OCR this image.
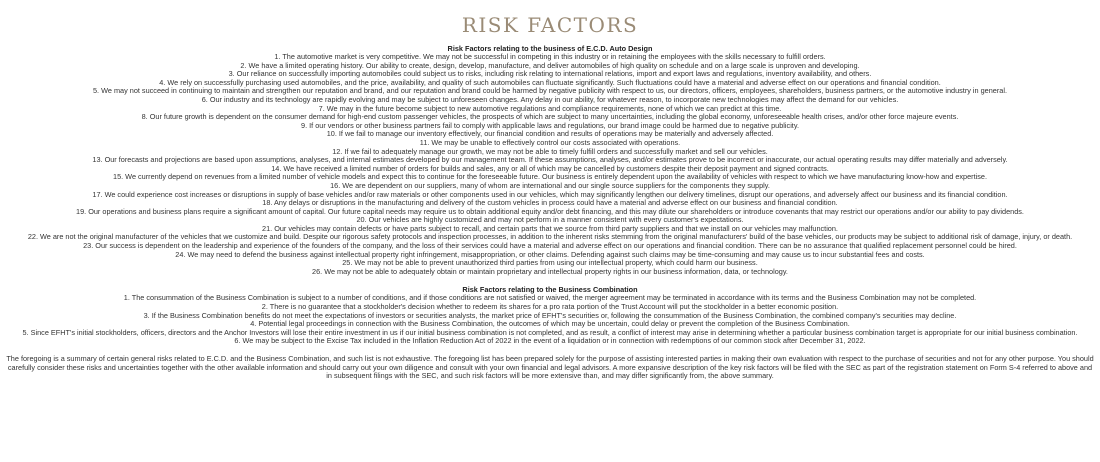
RISK FACTORS

Risk Factors relating to the business of E.C.D. Auto Design

1. The automotive market is very competitive. We may not be successful in competing in this industry or in retaining the employees with the skills necessary to fulfill orders.

2. We have a limited operating history. Our ability to create, design, develop, manufacture, and deliver automobiles of high quality on schedule and on a large scale is unproven and developing.

3. Our reliance on successfully importing automobiles could subject us to risks, including risk relating to international relations, import and export laws and regulations, inventory availability, and others.

4. We rely on successfully purchasing used automobiles, and the price, availability, and quality of such automobiles can fluctuate significantly. Such fluctuations could have a material and adverse effect on our operations and financial condition.

5. We may not succeed in continuing to maintain and strengthen our reputation and brand, and our reputation and brand could be harmed by negative publicity with respect to us, our directors, officers, employees, shareholders, business partners, or the automotive industry in general.

6. Our industry and its technology are rapidly evolving and may be subject to unforeseen changes. Any delay in our ability, for whatever reason, to incorporate new technologies may affect the demand for our vehicles.

7. We may in the future become subject to new automotive regulations and compliance requirements, none of which we can predict at this time.

8. Our future growth is dependent on the consumer demand for high-end custom passenger vehicles, the prospects of which are subject to many uncertainties, including the global economy, unforeseeable health crises, and/or other force majeure events.

9. If our vendors or other business partners fail to comply with applicable laws and regulations, our brand image could be harmed due to negative publicity.

10. If we fail to manage our inventory effectively, our financial condition and results of operations may be materially and adversely affected.

11. We may be unable to effectively control our costs associated with operations.

12. If we fail to adequately manage our growth, we may not be able to timely fulfill orders and successfully market and sell our vehicles.

13. Our forecasts and projections are based upon assumptions, analyses, and internal estimates developed by our management team. If these assumptions, analyses, and/or estimates prove to be incorrect or inaccurate, our actual operating results may differ materially and adversely.

14. We have received a limited number of orders for builds and sales, any or all of which may be cancelled by customers despite their deposit payment and signed contracts.

15. We currently depend on revenues from a limited number of vehicle models and expect this to continue for the foreseeable future. Our business is entirely dependent upon the availability of vehicles with respect to which we have manufacturing know-how and expertise.

16. We are dependent on our suppliers, many of whom are international and our single source suppliers for the components they supply.

17. We could experience cost increases or disruptions in supply of base vehicles and/or raw materials or other components used in our vehicles, which may significantly lengthen our delivery timelines, disrupt our operations, and adversely affect our business and its financial condition.

18. Any delays or disruptions in the manufacturing and delivery of the custom vehicles in process could have a material and adverse effect on our business and financial condition.

19. Our operations and business plans require a significant amount of capital. Our future capital needs may require us to obtain additional equity and/or debt financing, and this may dilute our shareholders or introduce covenants that may restrict our operations and/or our ability to pay dividends.

20. Our vehicles are highly customized and may not perform in a manner consistent with every customer's expectations.

21. Our vehicles may contain defects or have parts subject to recall, and certain parts that we source from third party suppliers and that we install on our vehicles may malfunction.

22. We are not the original manufacturer of the vehicles that we customize and build. Despite our rigorous safety protocols and inspection processes, in addition to the inherent risks stemming from the original manufacturers' build of the base vehicles, our products may be subject to additional risk of damage, injury, or death.

23. Our success is dependent on the leadership and experience of the founders of the company, and the loss of their services could have a material and adverse effect on our operations and financial condition. There can be no assurance that qualified replacement personnel could be hired.

24. We may need to defend the business against intellectual property right infringement, misappropriation, or other claims. Defending against such claims may be time-consuming and may cause us to incur substantial fees and costs.

25. We may not be able to prevent unauthorized third parties from using our intellectual property, which could harm our business.

26. We may not be able to adequately obtain or maintain proprietary and intellectual property rights in our business information, data, or technology.

Risk Factors relating to the Business Combination

1. The consummation of the Business Combination is subject to a number of conditions, and if those conditions are not satisfied or waived, the merger agreement may be terminated in accordance with its terms and the Business Combination may not be completed.

2. There is no guarantee that a stockholder's decision whether to redeem its shares for a pro rata portion of the Trust Account will put the stockholder in a better economic position.

3. If the Business Combination benefits do not meet the expectations of investors or securities analysts, the market price of EFHT's securities or, following the consummation of the Business Combination, the combined company's securities may decline.

4. Potential legal proceedings in connection with the Business Combination, the outcomes of which may be uncertain, could delay or prevent the completion of the Business Combination.

5. Since EFHT's initial stockholders, officers, directors and the Anchor Investors will lose their entire investment in us if our initial business combination is not completed, and as result, a conflict of interest may arise in determining whether a particular business combination target is appropriate for our initial business combination.

6. We may be subject to the Excise Tax included in the Inflation Reduction Act of 2022 in the event of a liquidation or in connection with redemptions of our common stock after December 31, 2022.

The foregoing is a summary of certain general risks related to E.C.D. and the Business Combination, and such list is not exhaustive. The foregoing list has been prepared solely for the purpose of assisting interested parties in making their own evaluation with respect to the purchase of securities and not for any other purpose. You should carefully consider these risks and uncertainties together with the other available information and should carry out your own diligence and consult with your own financial and legal advisors. A more expansive description of the key risk factors will be filed with the SEC as part of the registration statement on Form S-4 referred to above and in subsequent filings with the SEC, and such risk factors will be more extensive than, and may differ significantly from, the above summary.
